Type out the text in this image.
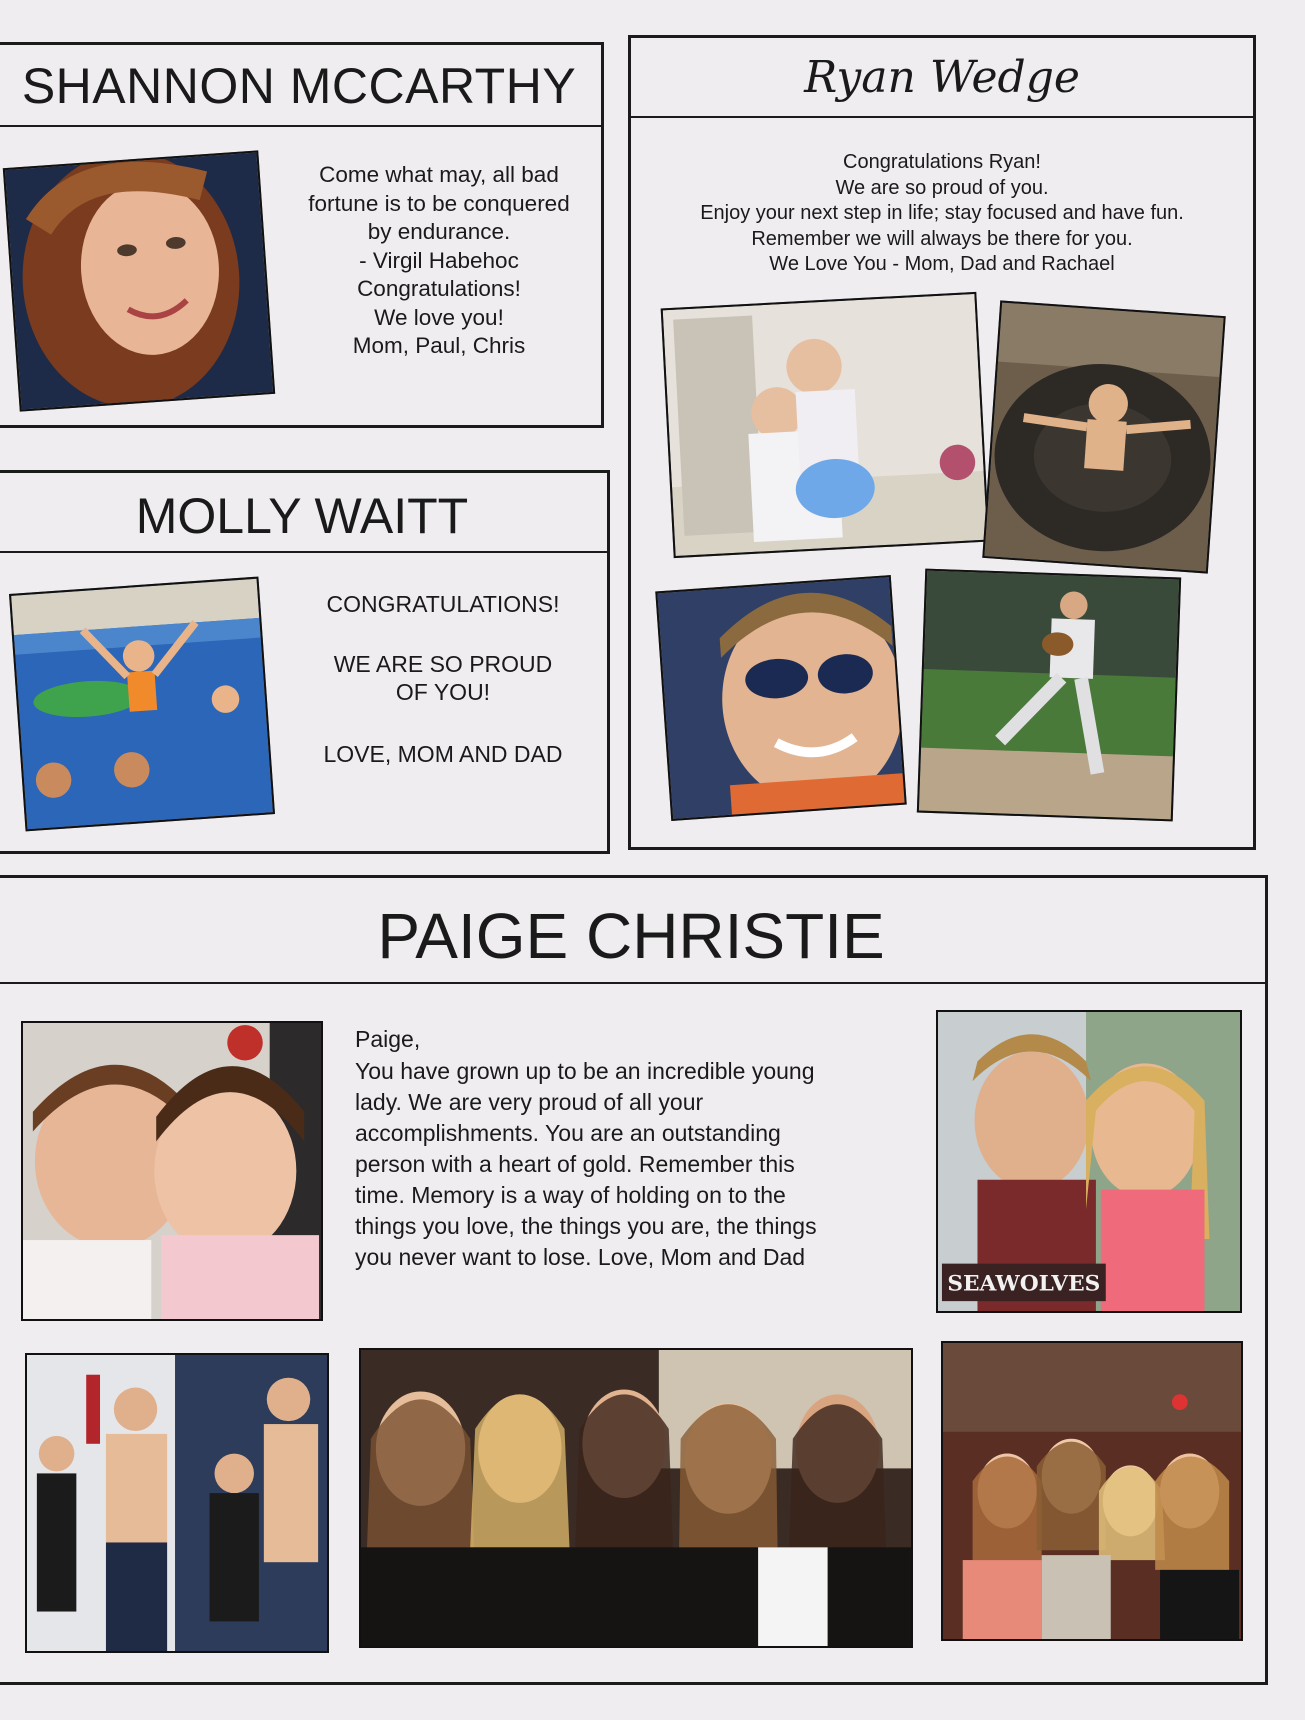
SHANNON MCCARTHY
Come what may, all bad
fortune is to be conquered
by endurance.
- Virgil Habehoc
Congratulations!
We love you!
Mom, Paul, Chris
MOLLY WAITT
CONGRATULATIONS!
WE ARE SO PROUD
OF YOU!
LOVE, MOM AND DAD
Ryan Wedge
Congratulations Ryan!
We are so proud of you.
Enjoy your next step in life; stay focused and have fun.
Remember we will always be there for you.
We Love You - Mom, Dad and Rachael
PAIGE CHRISTIE
Paige,
You have grown up to be an incredible young
lady. We are very proud of all your
accomplishments. You are an outstanding
person with a heart of gold. Remember this
time. Memory is a way of holding on to the
things you love, the things you are, the things
you never want to lose. Love, Mom and Dad
SEAWOLVES
